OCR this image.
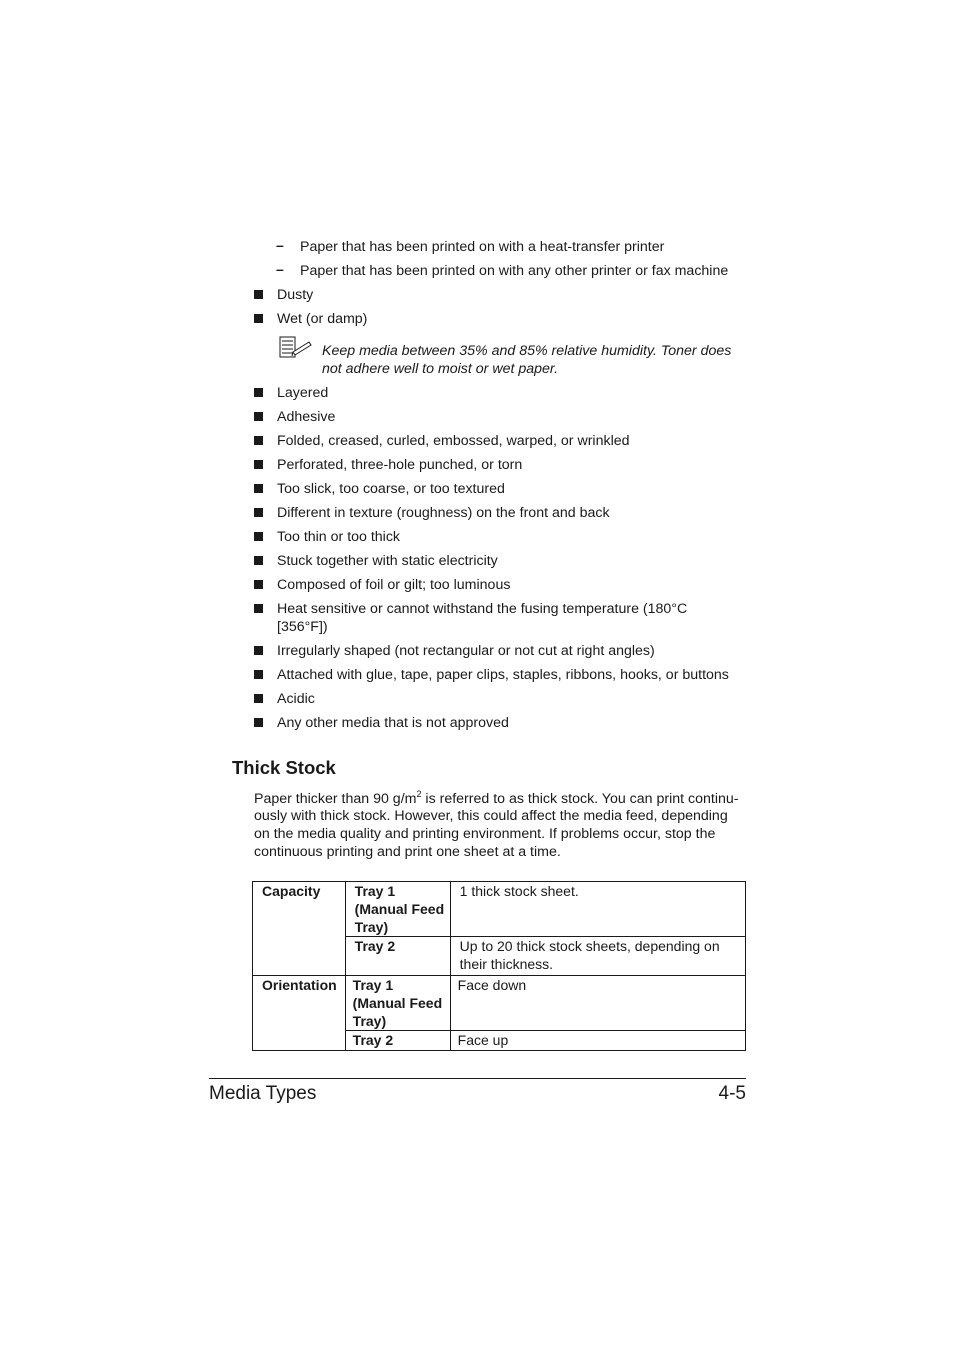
– Paper that has been printed on with a heat-transfer printer
– Paper that has been printed on with any other printer or fax machine
Dusty
Wet (or damp)
Keep media between 35% and 85% relative humidity. Toner does
not adhere well to moist or wet paper.
Layered
Adhesive
Folded, creased, curled, embossed, warped, or wrinkled
Perforated, three-hole punched, or torn
Too slick, too coarse, or too textured
Different in texture (roughness) on the front and back
Too thin or too thick
Stuck together with static electricity
Composed of foil or gilt; too luminous
Heat sensitive or cannot withstand the fusing temperature (180°C
[356°F])
Irregularly shaped (not rectangular or not cut at right angles)
Attached with glue, tape, paper clips, staples, ribbons, hooks, or buttons
Acidic
Any other media that is not approved
Thick Stock
Paper thicker than 90 $g/m^2$ is referred to as thick stock. You can print continu-
ously with thick stock. However, this could affect the media feed, depending
on the media quality and printing environment. If problems occur, stop the
continuous printing and print one sheet at a time.
Capacity	Tray 1 (Manual Feed Tray)	1 thick stock sheet.
	Tray 2	Up to 20 thick stock sheets, depending on their thickness.
Orientation	Tray 1 (Manual Feed Tray)	Face down
	Tray 2	Face up
Media Types	4-5
